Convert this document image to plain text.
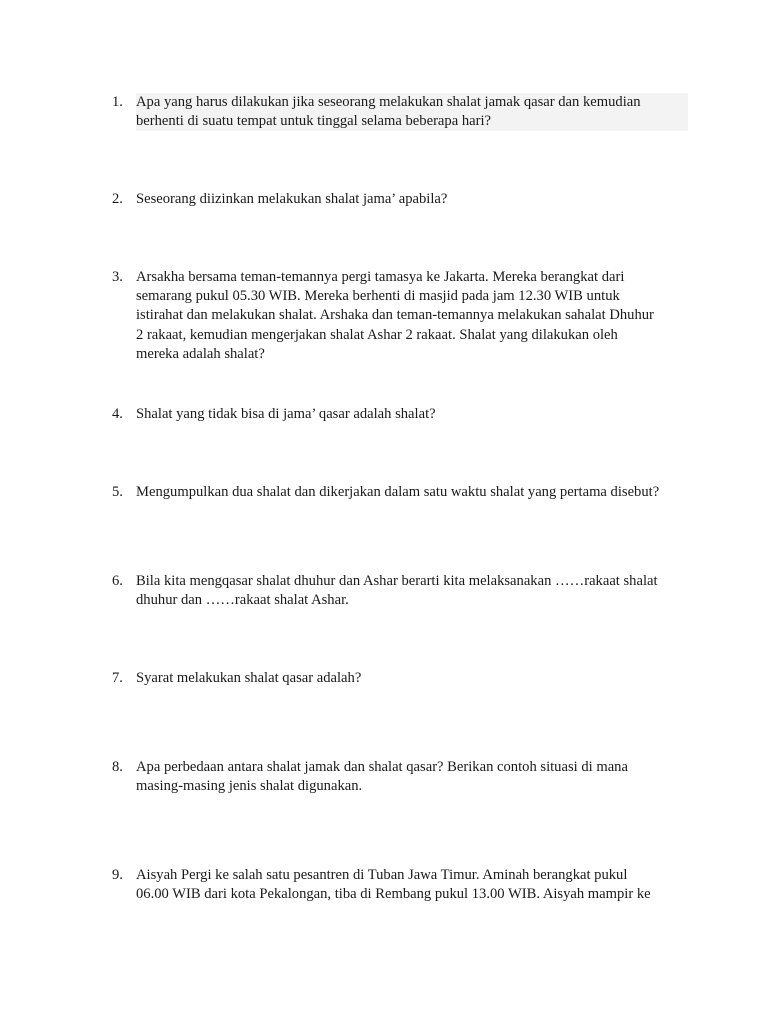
1. Apa yang harus dilakukan jika seseorang melakukan shalat jamak qasar dan kemudian
berhenti di suatu tempat untuk tinggal selama beberapa hari?
2. Seseorang diizinkan melakukan shalat jama’ apabila?
3. Arsakha bersama teman-temannya pergi tamasya ke Jakarta. Mereka berangkat dari
semarang pukul 05.30 WIB. Mereka berhenti di masjid pada jam 12.30 WIB untuk
istirahat dan melakukan shalat. Arshaka dan teman-temannya melakukan sahalat Dhuhur
2 rakaat, kemudian mengerjakan shalat Ashar 2 rakaat. Shalat yang dilakukan oleh
mereka adalah shalat?
4. Shalat yang tidak bisa di jama’ qasar adalah shalat?
5. Mengumpulkan dua shalat dan dikerjakan dalam satu waktu shalat yang pertama disebut?
6. Bila kita mengqasar shalat dhuhur dan Ashar berarti kita melaksanakan ……rakaat shalat
dhuhur dan ……rakaat shalat Ashar.
7. Syarat melakukan shalat qasar adalah?
8. Apa perbedaan antara shalat jamak dan shalat qasar? Berikan contoh situasi di mana
masing-masing jenis shalat digunakan.
9. Aisyah Pergi ke salah satu pesantren di Tuban Jawa Timur. Aminah berangkat pukul
06.00 WIB dari kota Pekalongan, tiba di Rembang pukul 13.00 WIB. Aisyah mampir ke
